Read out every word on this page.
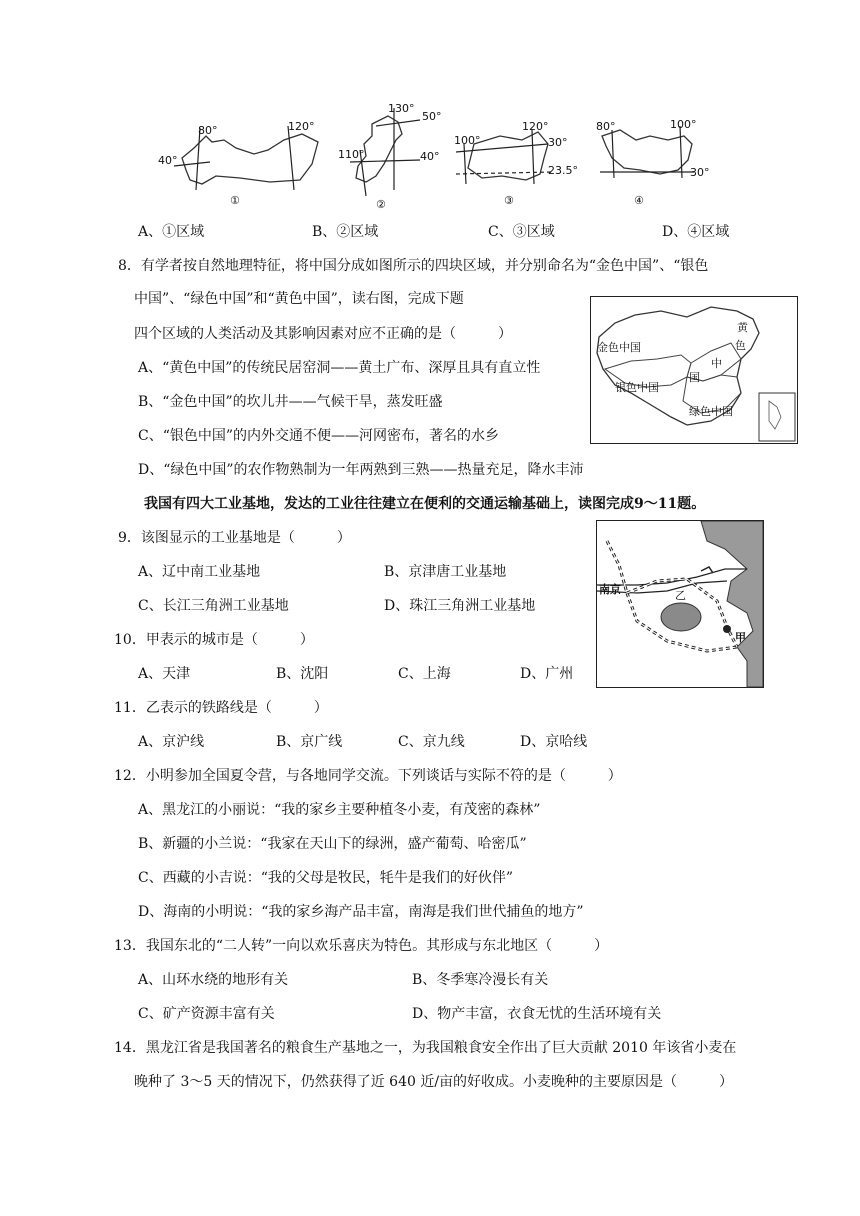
80°	120°
40°
①
130°
50°
110°	40°
②
100°
120°
30°
23.5°
③
80°	100°
30°
④
A、①区域	B、②区域	C、③区域	D、④区域
8．有学者按自然地理特征，将中国分成如图所示的四块区域，并分别命名为“金色中国”、“银色
中国”、“绿色中国”和“黄色中国”，读右图，完成下题
四个区域的人类活动及其影响因素对应不正确的是（　　　）
A、“黄色中国”的传统民居窑洞——黄土广布、深厚且具有直立性
B、“金色中国”的坎儿井——气候干旱，蒸发旺盛
C、“银色中国”的内外交通不便——河网密布，著名的水乡
D、“绿色中国”的农作物熟制为一年两熟到三熟——热量充足，降水丰沛
金色中国
银色中国
绿色中国
黄
色
中
国
我国有四大工业基地，发达的工业往往建立在便利的交通运输基础上，读图完成9～11题。
9．该图显示的工业基地是（　　　）
A、辽中南工业基地	B、京津唐工业基地
C、长江三角洲工业基地	D、珠江三角洲工业基地
南京	乙
甲
10．甲表示的城市是（　　　）
A、天津	B、沈阳	C、上海	D、广州
11．乙表示的铁路线是（　　　）
A、京沪线	B、京广线	C、京九线	D、京哈线
12．小明参加全国夏令营，与各地同学交流。下列谈话与实际不符的是（　　　）
A、黑龙江的小丽说：“我的家乡主要种植冬小麦，有茂密的森林”
B、新疆的小兰说：“我家在天山下的绿洲，盛产葡萄、哈密瓜”
C、西藏的小吉说：“我的父母是牧民，牦牛是我们的好伙伴”
D、海南的小明说：“我的家乡海产品丰富，南海是我们世代捕鱼的地方”
13．我国东北的“二人转”一向以欢乐喜庆为特色。其形成与东北地区（　　　）
A、山环水绕的地形有关	B、冬季寒冷漫长有关
C、矿产资源丰富有关	D、物产丰富，衣食无忧的生活环境有关
14．黑龙江省是我国著名的粮食生产基地之一，为我国粮食安全作出了巨大贡献 2010 年该省小麦在
晚种了 3～5 天的情况下，仍然获得了近 640 近/亩的好收成。小麦晚种的主要原因是（　　　）
